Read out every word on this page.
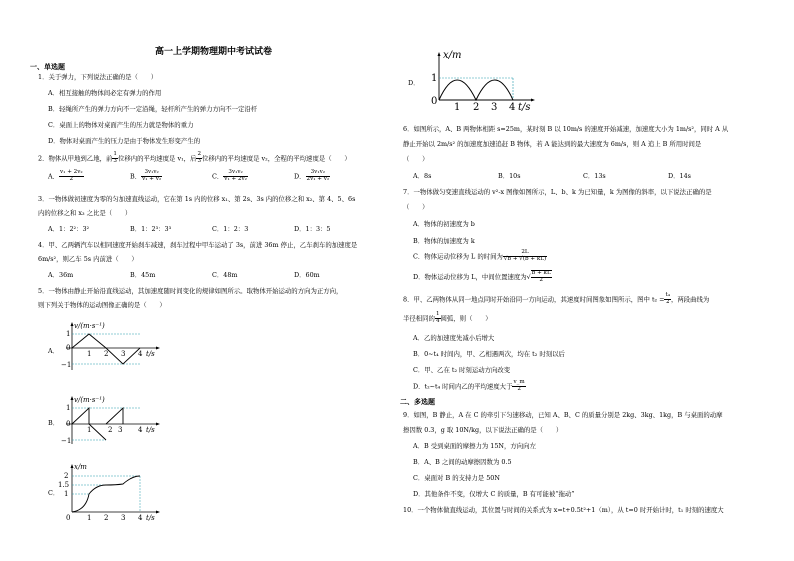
高一上学期物理期中考试试卷
一、单选题
1．关于弹力，下列说法正确的是（　　）
A．相互接触的物体间必定有弹力的作用
B．轻绳所产生的弹力方向不一定沿绳，轻杆所产生的弹力方向不一定沿杆
C．桌面上的物体对桌面产生的压力就是物体的重力
D．物体对桌面产生的压力是由于物体发生形变产生的
2．物体从甲地到乙地，前 $\frac{1}{3}$ 位移内的平均速度是 v₁，后 $\frac{2}{3}$ 位移内的平均速度是 v₂，全程的平均速度是（　　）
A． $\frac{\text{v₁ + 2v₂}}{2}$	B． $\frac{\text{3v₁v₂}}{\text{v₁ + v₂}}$	C． $\frac{\text{3v₁v₂}}{\text{v₁ + 2v₂}}$	D． $\frac{\text{3v₁v₂}}{\text{2v₁ + v₂}}$
3．一物体做初速度为零的匀加速直线运动，它在第 1s 内的位移 x₁、第 2s、3s 内的位移之和 x₂、第 4、5、6s
内的位移之和 x₃ 之比是（　　）
A．1：2²：3²	B．1：2³：3³	C．1：2：3	D．1：3：5
4．甲、乙两辆汽车以相同速度开始刹车减速，刹车过程中甲车运动了 3s，前进 36m 停止，乙车刹车的加速度是
6m/s²，则乙车 5s 内前进（　　）
A．36m	B．45m	C．48m	D．60m
5．一物体由静止开始沿直线运动，其加速度随时间变化的规律如图所示。取物体开始运动的方向为正方向，
则下列关于物体的运动图像正确的是（　　）
A．
v/(m·s⁻¹)
1
0
−1
1 2 3 4 t/s
B．
v/(m·s⁻¹)
1
0
−1
1 2 3 4 t/s
C．
x/m
2
1.5
1
0 1 2 3 4 t/s
D．
x/m
1
0
1 2 3 4 t/s
6．如图所示，A、B 两物体相距 s=25m，某时刻 B 以 10m/s 的速度开始减速，加速度大小为 1m/s²，同时 A 从
静止开始以 2m/s² 的加速度加速追赶 B 物体，若 A 能达到的最大速度为 6m/s，则 A 追上 B 所用时间是
（　　）
A．8s	B．10s	C．13s	D．14s
7．一物体做匀变速直线运动的 v²-x 图像如图所示，L、b、k 为已知量，k 为图像的斜率，以下说法正确的是
（　　）
A．物体的初速度为 b
B．物体的加速度为 k
C．物体运动位移为 L 的时间为 $\frac{2L}{√b + √(b + kL)}$
D．物体运动位移为 L，中间位置速度为√ $\frac{b + kL}{2}$
8．甲、乙两物体从同一地点同时开始沿同一方向运动，其速度时间图象如图所示，图中 $t_2 = \frac{\text{t₄}}{2}$ ，两段曲线为
半径相同的 $\frac{1}{4}$ 圆弧，则（　　）
A．乙的加速度先减小后增大
B．0~t₄ 时间内，甲、乙相遇两次，均在 t₂ 时刻以后
C．甲、乙在 t₂ 时刻运动方向改变
D．t₂~t₄ 时间内乙的平均速度大于 $\frac{v\_m}{2}$
二、多选题
9．如图，B 静止，A 在 C 的牵引下匀速移动，已知 A、B、C 的质量分别是 2kg、3kg、1kg，B 与桌面的动摩
擦因数 0.3，g 取 10N/kg，以下说法正确的是（　　）
A．B 受到桌面的摩擦力为 15N，方向向左
B．A、B 之间的动摩擦因数为 0.5
C．桌面对 B 的支持力是 50N
D．其他条件不变，仅增大 C 的质量，B 有可能被“拖动”
10．一个物体做直线运动，其位置与时间的关系式为 x=t+0.5t²+1（m），从 t=0 时开始计时，t₁ 时刻的速度大
